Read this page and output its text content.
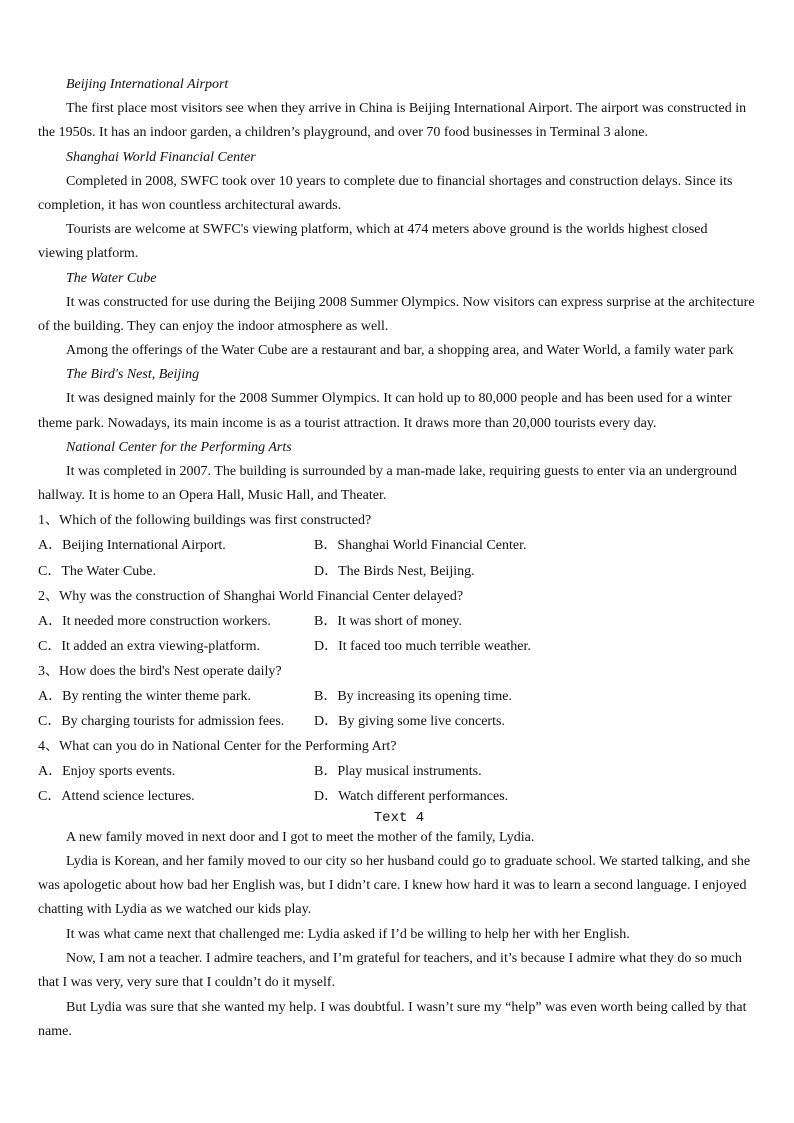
Beijing International Airport
The first place most visitors see when they arrive in China is Beijing International Airport. The airport was constructed in
the 1950s. It has an indoor garden, a children’s playground, and over 70 food businesses in Terminal 3 alone.
Shanghai World Financial Center
Completed in 2008, SWFC took over 10 years to complete due to financial shortages and construction delays. Since its
completion, it has won countless architectural awards.
Tourists are welcome at SWFC's viewing platform, which at 474 meters above ground is the worlds highest closed
viewing platform.
The Water Cube
It was constructed for use during the Beijing 2008 Summer Olympics. Now visitors can express surprise at the architecture
of the building. They can enjoy the indoor atmosphere as well.
Among the offerings of the Water Cube are a restaurant and bar, a shopping area, and Water World, a family water park
The Bird's Nest, Beijing
It was designed mainly for the 2008 Summer Olympics. It can hold up to 80,000 people and has been used for a winter
theme park. Nowadays, its main income is as a tourist attraction. It draws more than 20,000 tourists every day.
National Center for the Performing Arts
It was completed in 2007. The building is surrounded by a man-made lake, requiring guests to enter via an underground
hallway. It is home to an Opera Hall, Music Hall, and Theater.
1、Which of the following buildings was first constructed?
A．Beijing International Airport.	B．Shanghai World Financial Center.
C．The Water Cube.	D．The Birds Nest, Beijing.
2、Why was the construction of Shanghai World Financial Center delayed?
A．It needed more construction workers.	B．It was short of money.
C．It added an extra viewing-platform.	D．It faced too much terrible weather.
3、How does the bird's Nest operate daily?
A．By renting the winter theme park.	B．By increasing its opening time.
C．By charging tourists for admission fees.	D．By giving some live concerts.
4、What can you do in National Center for the Performing Art?
A．Enjoy sports events.	B．Play musical instruments.
C．Attend science lectures.	D．Watch different performances.
Text 4
A new family moved in next door and I got to meet the mother of the family, Lydia.
Lydia is Korean, and her family moved to our city so her husband could go to graduate school. We started talking, and she
was apologetic about how bad her English was, but I didn’t care. I knew how hard it was to learn a second language. I enjoyed
chatting with Lydia as we watched our kids play.
It was what came next that challenged me: Lydia asked if I’d be willing to help her with her English.
Now, I am not a teacher. I admire teachers, and I’m grateful for teachers, and it’s because I admire what they do so much
that I was very, very sure that I couldn’t do it myself.
But Lydia was sure that she wanted my help. I was doubtful. I wasn’t sure my “help” was even worth being called by that
name.
